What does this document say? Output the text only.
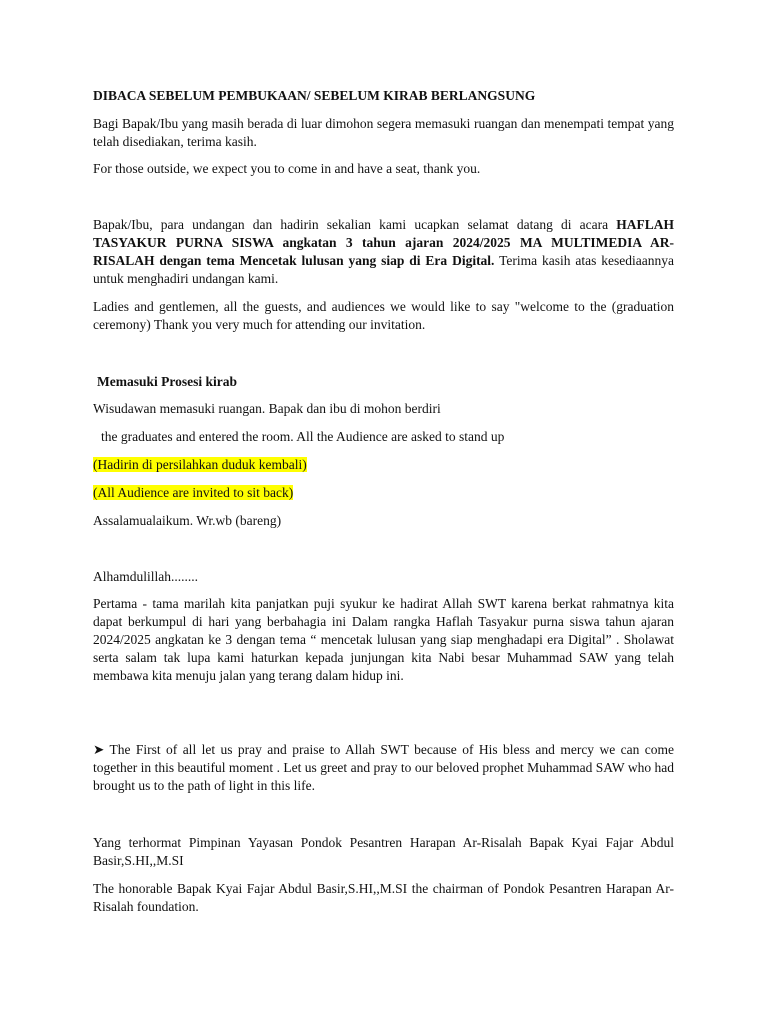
DIBACA SEBELUM PEMBUKAAN/ SEBELUM KIRAB BERLANGSUNG

Bagi Bapak/Ibu yang masih berada di luar dimohon segera memasuki ruangan dan menempati tempat yang telah disediakan, terima kasih.

For those outside, we expect you to come in and have a seat, thank you.

Bapak/Ibu, para undangan dan hadirin sekalian kami ucapkan selamat datang di acara HAFLAH TASYAKUR PURNA SISWA angkatan 3 tahun ajaran 2024/2025 MA MULTIMEDIA AR-RISALAH dengan tema Mencetak lulusan yang siap di Era Digital. Terima kasih atas kesediaannya untuk menghadiri undangan kami.

Ladies and gentlemen, all the guests, and audiences we would like to say "welcome to the (graduation ceremony) Thank you very much for attending our invitation.

Memasuki Prosesi kirab

Wisudawan memasuki ruangan. Bapak dan ibu di mohon berdiri

the graduates and entered the room. All the Audience are asked to stand up

(Hadirin di persilahkan duduk kembali)

(All Audience are invited to sit back)

Assalamualaikum. Wr.wb (bareng)

Alhamdulillah........

Pertama - tama marilah kita panjatkan puji syukur ke hadirat Allah SWT karena berkat rahmatnya kita dapat berkumpul di hari yang berbahagia ini Dalam rangka Haflah Tasyakur purna siswa tahun ajaran 2024/2025 angkatan ke 3 dengan tema “ mencetak lulusan yang siap menghadapi era Digital” . Sholawat serta salam tak lupa kami haturkan kepada junjungan kita Nabi besar Muhammad SAW yang telah membawa kita menuju jalan yang terang dalam hidup ini.

➤ The First of all let us pray and praise to Allah SWT because of His bless and mercy we can come together in this beautiful moment . Let us greet and pray to our beloved prophet Muhammad SAW who had brought us to the path of light in this life.

Yang terhormat Pimpinan Yayasan Pondok Pesantren Harapan Ar-Risalah Bapak Kyai Fajar Abdul Basir,S.HI,,M.SI

The honorable Bapak Kyai Fajar Abdul Basir,S.HI,,M.SI the chairman of Pondok Pesantren Harapan Ar-Risalah foundation.
